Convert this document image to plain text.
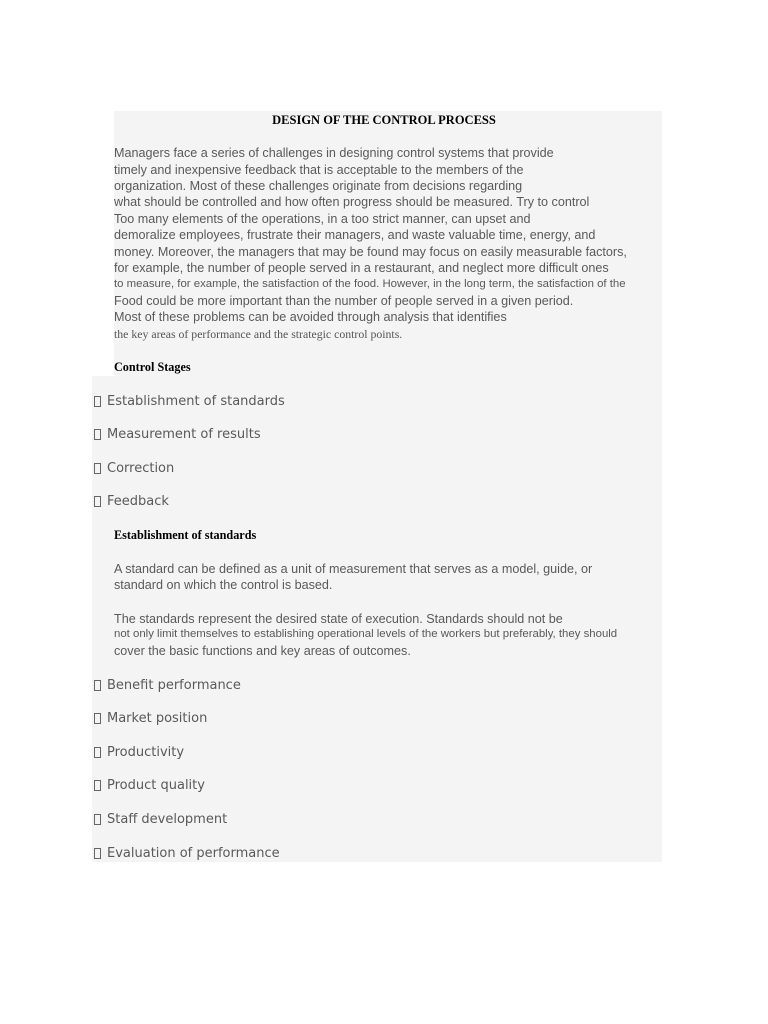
DESIGN OF THE CONTROL PROCESS
Managers face a series of challenges in designing control systems that provide
timely and inexpensive feedback that is acceptable to the members of the
organization. Most of these challenges originate from decisions regarding
what should be controlled and how often progress should be measured. Try to control
Too many elements of the operations, in a too strict manner, can upset and
demoralize employees, frustrate their managers, and waste valuable time, energy, and
money. Moreover, the managers that may be found may focus on easily measurable factors,
for example, the number of people served in a restaurant, and neglect more difficult ones
to measure, for example, the satisfaction of the food. However, in the long term, the satisfaction of the
Food could be more important than the number of people served in a given period.
Most of these problems can be avoided through analysis that identifies
the key areas of performance and the strategic control points.
Control Stages
Establishment of standards
Measurement of results
Correction
Feedback
Establishment of standards
A standard can be defined as a unit of measurement that serves as a model, guide, or
standard on which the control is based.
The standards represent the desired state of execution. Standards should not be
not only limit themselves to establishing operational levels of the workers but preferably, they should
cover the basic functions and key areas of outcomes.
Benefit performance
Market position
Productivity
Product quality
Staff development
Evaluation of performance
